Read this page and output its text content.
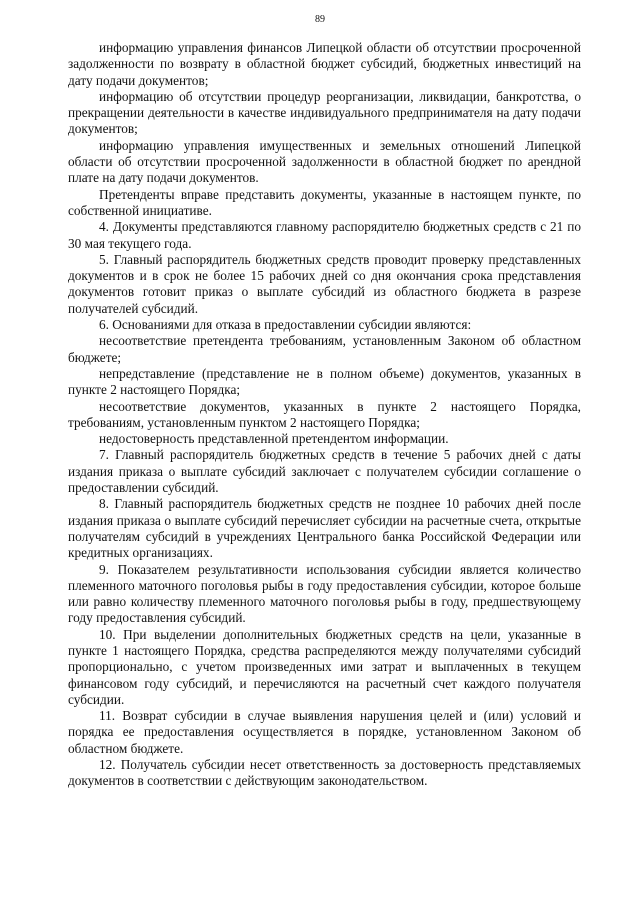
89

информацию управления финансов Липецкой области об отсутствии просроченной задолженности по возврату в областной бюджет субсидий, бюджетных инвестиций на дату подачи документов;

информацию об отсутствии процедур реорганизации, ликвидации, банкротства, о прекращении деятельности в качестве индивидуального предпринимателя на дату подачи документов;

информацию управления имущественных и земельных отношений Липецкой области об отсутствии просроченной задолженности в областной бюджет по арендной плате на дату подачи документов.

Претенденты вправе представить документы, указанные в настоящем пункте, по собственной инициативе.

4. Документы представляются главному распорядителю бюджетных средств с 21 по 30 мая текущего года.

5. Главный распорядитель бюджетных средств проводит проверку представленных документов и в срок не более 15 рабочих дней со дня окончания срока представления документов готовит приказ о выплате субсидий из областного бюджета в разрезе получателей субсидий.

6. Основаниями для отказа в предоставлении субсидии являются:

несоответствие претендента требованиям, установленным Законом об областном бюджете;

непредставление (представление не в полном объеме) документов, указанных в пункте 2 настоящего Порядка;

несоответствие документов, указанных в пункте 2 настоящего Порядка, требованиям, установленным пунктом 2 настоящего Порядка;

недостоверность представленной претендентом информации.

7. Главный распорядитель бюджетных средств в течение 5 рабочих дней с даты издания приказа о выплате субсидий заключает с получателем субсидии соглашение о предоставлении субсидий.

8. Главный распорядитель бюджетных средств не позднее 10 рабочих дней после издания приказа о выплате субсидий перечисляет субсидии на расчетные счета, открытые получателям субсидий в учреждениях Центрального банка Российской Федерации или кредитных организациях.

9. Показателем результативности использования субсидии является количество племенного маточного поголовья рыбы в году предоставления субсидии, которое больше или равно количеству племенного маточного поголовья рыбы в году, предшествующему году предоставления субсидий.

10. При выделении дополнительных бюджетных средств на цели, указанные в пункте 1 настоящего Порядка, средства распределяются между получателями субсидий пропорционально, с учетом произведенных ими затрат и выплаченных в текущем финансовом году субсидий, и перечисляются на расчетный счет каждого получателя субсидии.

11. Возврат субсидии в случае выявления нарушения целей и (или) условий и порядка ее предоставления осуществляется в порядке, установленном Законом об областном бюджете.

12. Получатель субсидии несет ответственность за достоверность представляемых документов в соответствии с действующим законодательством.
